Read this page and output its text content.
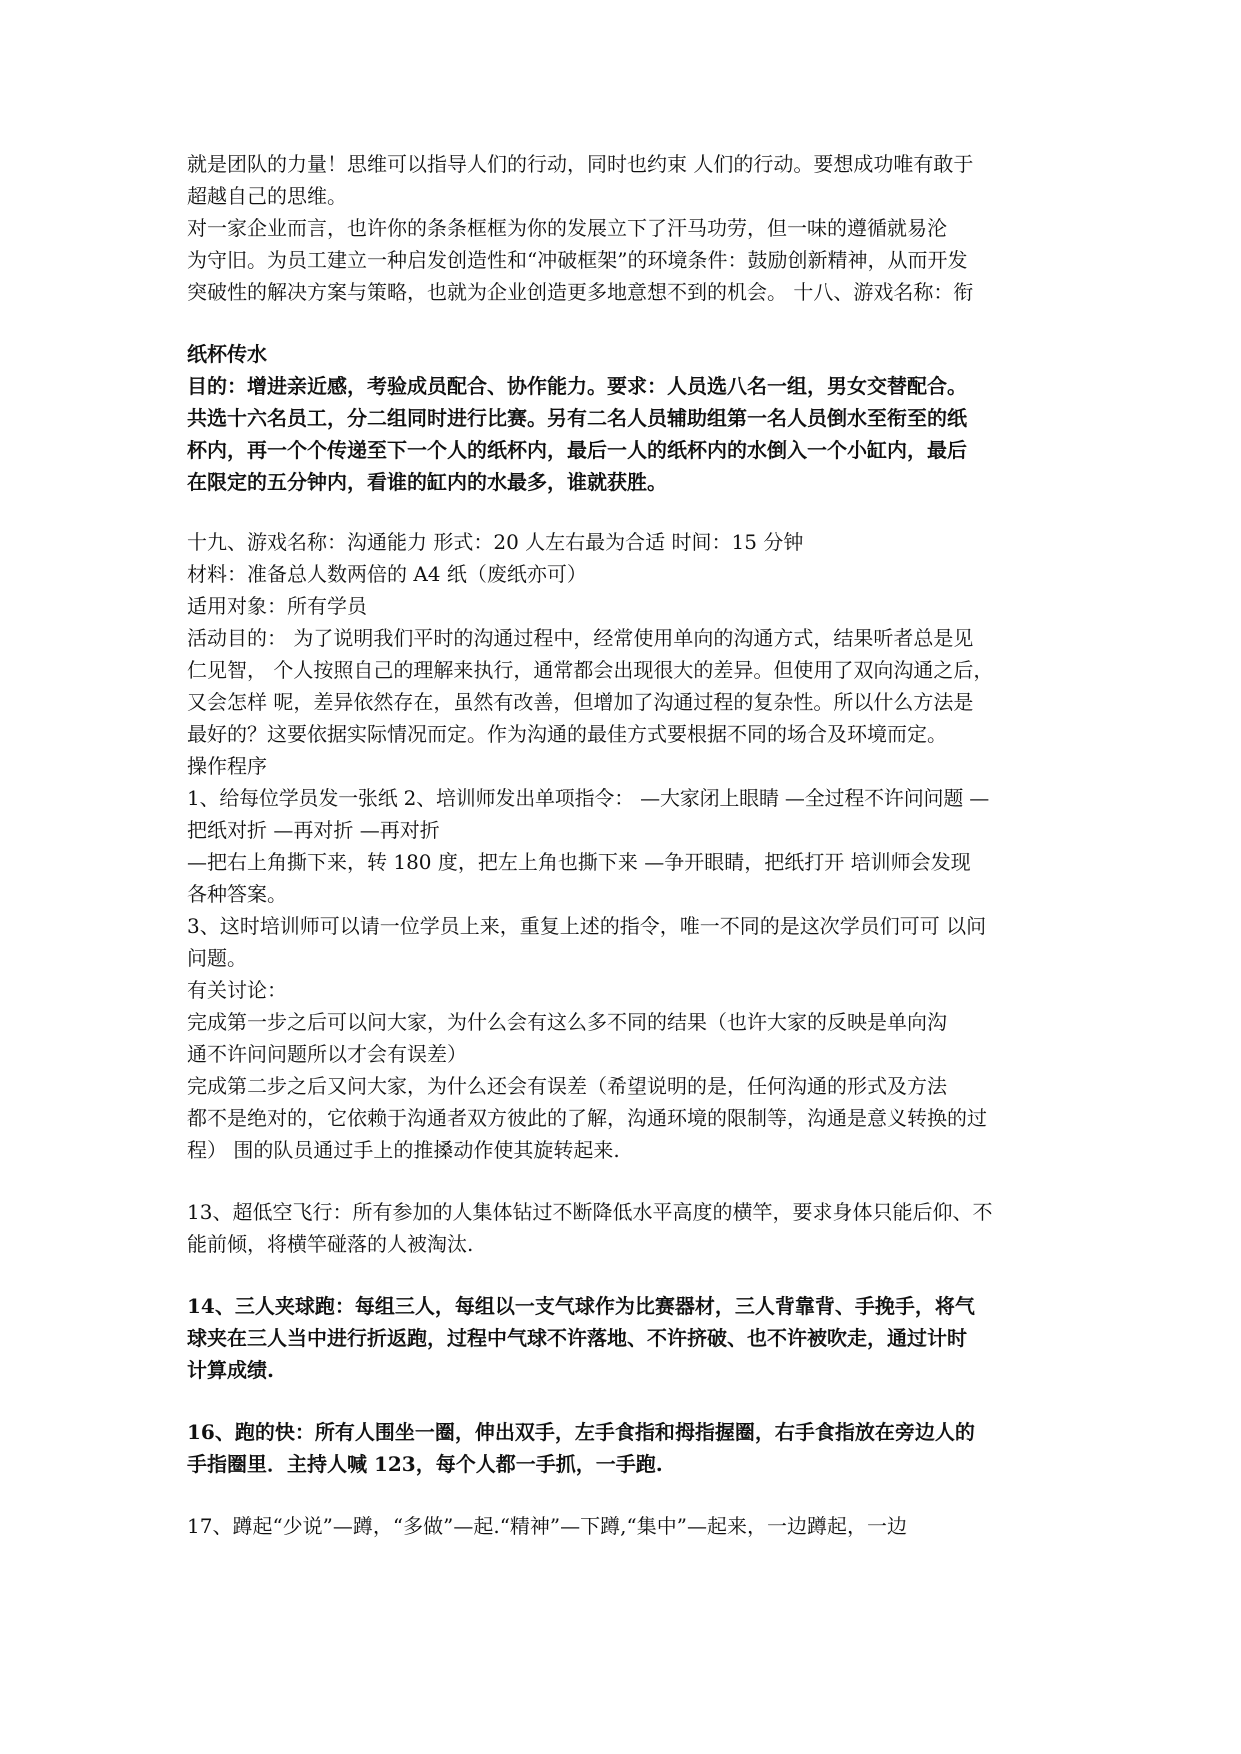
就是团队的力量！思维可以指导人们的行动，同时也约束 人们的行动。要想成功唯有敢于
超越自己的思维。
对一家企业而言，也许你的条条框框为你的发展立下了汗马功劳，但一味的遵循就易沦
为守旧。为员工建立一种启发创造性和“冲破框架”的环境条件：鼓励创新精神，从而开发
突破性的解决方案与策略，也就为企业创造更多地意想不到的机会。 十八、游戏名称：衔
纸杯传水
目的：增进亲近感，考验成员配合、协作能力。要求：人员选八名一组，男女交替配合。
共选十六名员工，分二组同时进行比赛。另有二名人员辅助组第一名人员倒水至衔至的纸
杯内，再一个个传递至下一个人的纸杯内，最后一人的纸杯内的水倒入一个小缸内，最后
在限定的五分钟内，看谁的缸内的水最多，谁就获胜。
十九、游戏名称：沟通能力 形式：20 人左右最为合适 时间：15 分钟
材料：准备总人数两倍的 A4 纸（废纸亦可）
适用对象：所有学员
活动目的： 为了说明我们平时的沟通过程中，经常使用单向的沟通方式，结果听者总是见
仁见智， 个人按照自己的理解来执行，通常都会出现很大的差异。但使用了双向沟通之后，
又会怎样 呢，差异依然存在，虽然有改善，但增加了沟通过程的复杂性。所以什么方法是
最好的？这要依据实际情况而定。作为沟通的最佳方式要根据不同的场合及环境而定。
操作程序
1、给每位学员发一张纸 2、培训师发出单项指令： —大家闭上眼睛 —全过程不许问问题 —
把纸对折 —再对折 —再对折
—把右上角撕下来，转 180 度，把左上角也撕下来 —争开眼睛，把纸打开 培训师会发现
各种答案。
3、这时培训师可以请一位学员上来，重复上述的指令，唯一不同的是这次学员们可可 以问
问题。
有关讨论：
完成第一步之后可以问大家，为什么会有这么多不同的结果（也许大家的反映是单向沟
通不许问问题所以才会有误差）
完成第二步之后又问大家，为什么还会有误差（希望说明的是，任何沟通的形式及方法
都不是绝对的，它依赖于沟通者双方彼此的了解，沟通环境的限制等，沟通是意义转换的过
程） 围的队员通过手上的推搡动作使其旋转起来.
13、超低空飞行：所有参加的人集体钻过不断降低水平高度的横竿，要求身体只能后仰、不
能前倾，将横竿碰落的人被淘汰.
14、三人夹球跑：每组三人，每组以一支气球作为比赛器材，三人背靠背、手挽手，将气
球夹在三人当中进行折返跑，过程中气球不许落地、不许挤破、也不许被吹走，通过计时
计算成绩.
16、跑的快：所有人围坐一圈，伸出双手，左手食指和拇指握圈，右手食指放在旁边人的
手指圈里．主持人喊 123，每个人都一手抓，一手跑.
17、蹲起“少说”—蹲，“多做”—起.“精神”—下蹲,“集中”—起来，一边蹲起，一边
